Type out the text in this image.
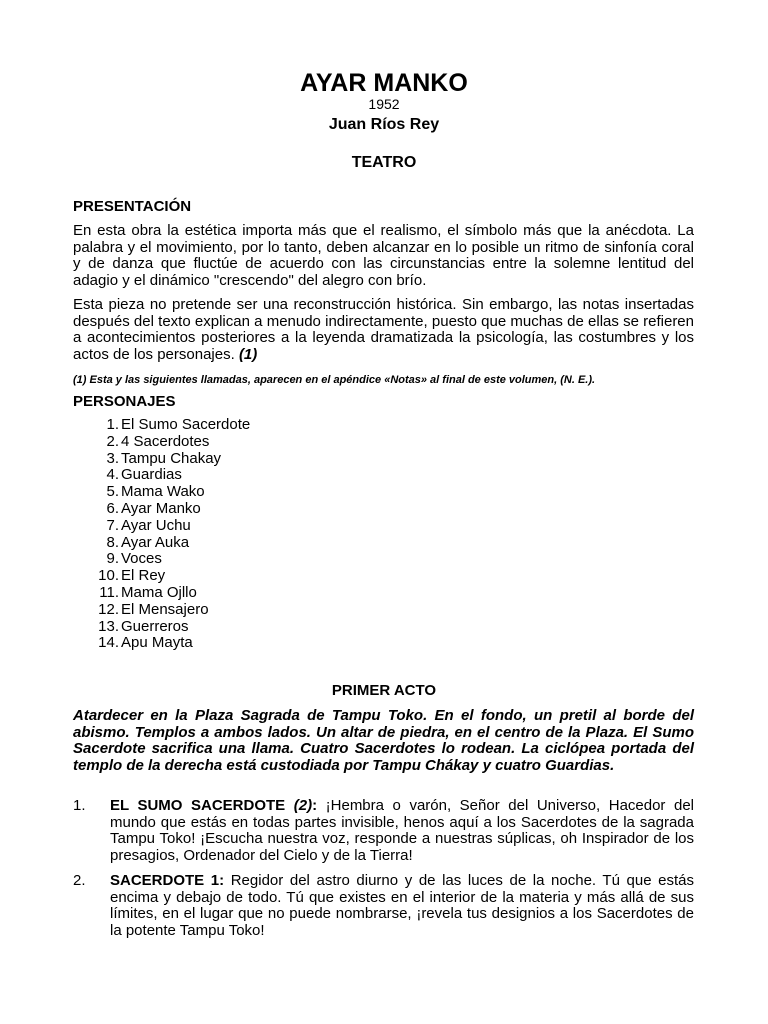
AYAR MANKO
1952
Juan Ríos Rey
TEATRO
PRESENTACIÓN
En esta obra la estética importa más que el realismo, el símbolo más que la anécdota. La palabra y el movimiento, por lo tanto, deben alcanzar en lo posible un ritmo de sinfonía coral y de danza que fluctúe de acuerdo con las circunstancias entre la solemne lentitud del adagio y el dinámico "crescendo" del alegro con brío.
Esta pieza no pretende ser una reconstrucción histórica. Sin embargo, las notas insertadas después del texto explican a menudo indirectamente, puesto que muchas de ellas se refieren a acontecimientos posteriores a la leyenda dramatizada la psicología, las costumbres y los actos de los personajes. (1)
(1) Esta y las siguientes llamadas, aparecen en el apéndice «Notas» al final de este volumen, (N. E.).
PERSONAJES
1. El Sumo Sacerdote
2. 4 Sacerdotes
3. Tampu Chakay
4. Guardias
5. Mama Wako
6. Ayar Manko
7. Ayar Uchu
8. Ayar Auka
9. Voces
10. El Rey
11. Mama Ojllo
12. El Mensajero
13. Guerreros
14. Apu Mayta
PRIMER ACTO
Atardecer en la Plaza Sagrada de Tampu Toko. En el fondo, un pretil al borde del abismo. Templos a ambos lados. Un altar de piedra, en el centro de la Plaza. El Sumo Sacerdote sacrifica una llama. Cuatro Sacerdotes lo rodean. La ciclópea portada del templo de la derecha está custodiada por Tampu Chákay y cuatro Guardias.
1. EL SUMO SACERDOTE (2): ¡Hembra o varón, Señor del Universo, Hacedor del mundo que estás en todas partes invisible, henos aquí a los Sacerdotes de la sagrada Tampu Toko! ¡Escucha nuestra voz, responde a nuestras súplicas, oh Inspirador de los presagios, Ordenador del Cielo y de la Tierra!
2. SACERDOTE 1: Regidor del astro diurno y de las luces de la noche. Tú que estás encima y debajo de todo. Tú que existes en el interior de la materia y más allá de sus límites, en el lugar que no puede nombrarse, ¡revela tus designios a los Sacerdotes de la potente Tampu Toko!
